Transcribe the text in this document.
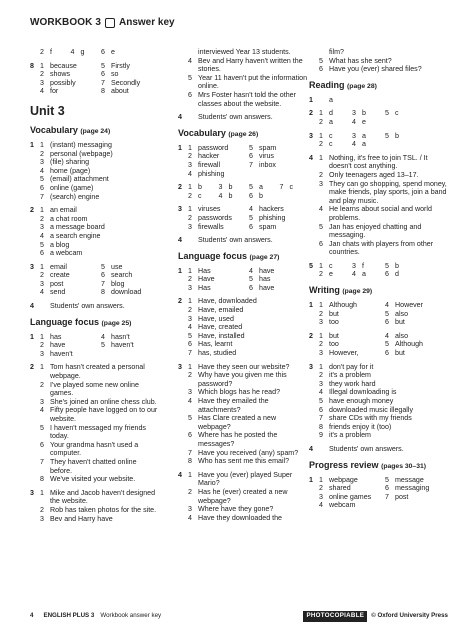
WORKBOOK 3 Answer key
2 f	4 g	6 e
8 1 because	5 Firstly
2 shows	6 so
3 possibly	7 Secondly
4 for	8 about
Unit 3
Vocabulary (page 24)
1 1 (instant) messaging
2 personal (webpage)
3 (file) sharing
4 home (page)
5 (email) attachment
6 online (game)
7 (search) engine
2 1 an email
2 a chat room
3 a message board
4 a search engine
5 a blog
6 a webcam
3 1 email	5 use
2 create	6 search
3 post	7 blog
4 send	8 download
4	Students' own answers.
Language focus (page 25)
1 1 has	4 hasn't
2 have	5 haven't
3 haven't
2 1 Tom hasn't created a personal webpage.
2 I've played some new online games.
3 She's joined an online chess club.
4 Fifty people have logged on to our website.
5 I haven't messaged my friends today.
6 Your grandma hasn't used a computer.
7 They haven't chatted online before.
8 We've visited your website.
3 1 Mike and Jacob haven't designed the website.
2 Rob has taken photos for the site.
3 Bev and Harry have
interviewed Year 13 students.
4 Bev and Harry haven't written the stories.
5 Year 11 haven't put the information online.
6 Mrs Foster hasn't told the other classes about the website.
4	Students' own answers.
Vocabulary (page 26)
1 1 password	5 spam
2 hacker	6 virus
3 firewall	7 inbox
4 phishing
2 1 b	3 b	5 a	7 c
2 c	4 b	6 b
3 1 viruses	4 hackers
2 passwords	5 phishing
3 firewalls	6 spam
4	Students' own answers.
Language focus (page 27)
1 1 Has	4 have
2 Have	5 has
3 Has	6 have
2 1 Have, downloaded
2 Have, emailed
3 Have, used
4 Have, created
5 Have, installed
6 Has, learnt
7 has, studied
3 1 Have they seen our website?
2 Why have you given me this password?
3 Which blogs has he read?
4 Have they emailed the attachments?
5 Has Clare created a new webpage?
6 Where has he posted the messages?
7 Have you received (any) spam?
8 Who has sent me this email?
4 1 Have you (ever) played Super Mario?
2 Has he (ever) created a new webpage?
3 Where have they gone?
4 Have they downloaded the
film?
5 What has she sent?
6 Have you (ever) shared files?
Reading (page 28)
1	a
2 1 d	3 b	5 c
2 a	4 e
3 1 c	3 a	5 b
2 c	4 a
4 1 Nothing, it's free to join TSL. / It doesn't cost anything.
2 Only teenagers aged 13–17.
3 They can go shopping, spend money, make friends, play sports, join a band and play music.
4 He learns about social and world problems.
5 Jan has enjoyed chatting and messaging.
6 Jan chats with players from other countries.
5 1 c	3 f	5 b
2 e	4 a	6 d
Writing (page 29)
1 1 Although	4 However
2 but	5 also
3 too	6 but
2 1 but	4 also
2 too	5 Although
3 However,	6 but
3 1 don't pay for it
2 it's a problem
3 they work hard
4 Illegal downloading is
5 have enough money
6 downloaded music illegally
7 share CDs with my friends
8 friends enjoy it (too)
9 it's a problem
4	Students' own answers.
Progress review (pages 30–31)
1 1 webpage	5 message
2 shared	6 messaging
3 online games	7 post
4 webcam
4 ENGLISH PLUS 3 Workbook answer key	PHOTOCOPIABLE	© Oxford University Press
